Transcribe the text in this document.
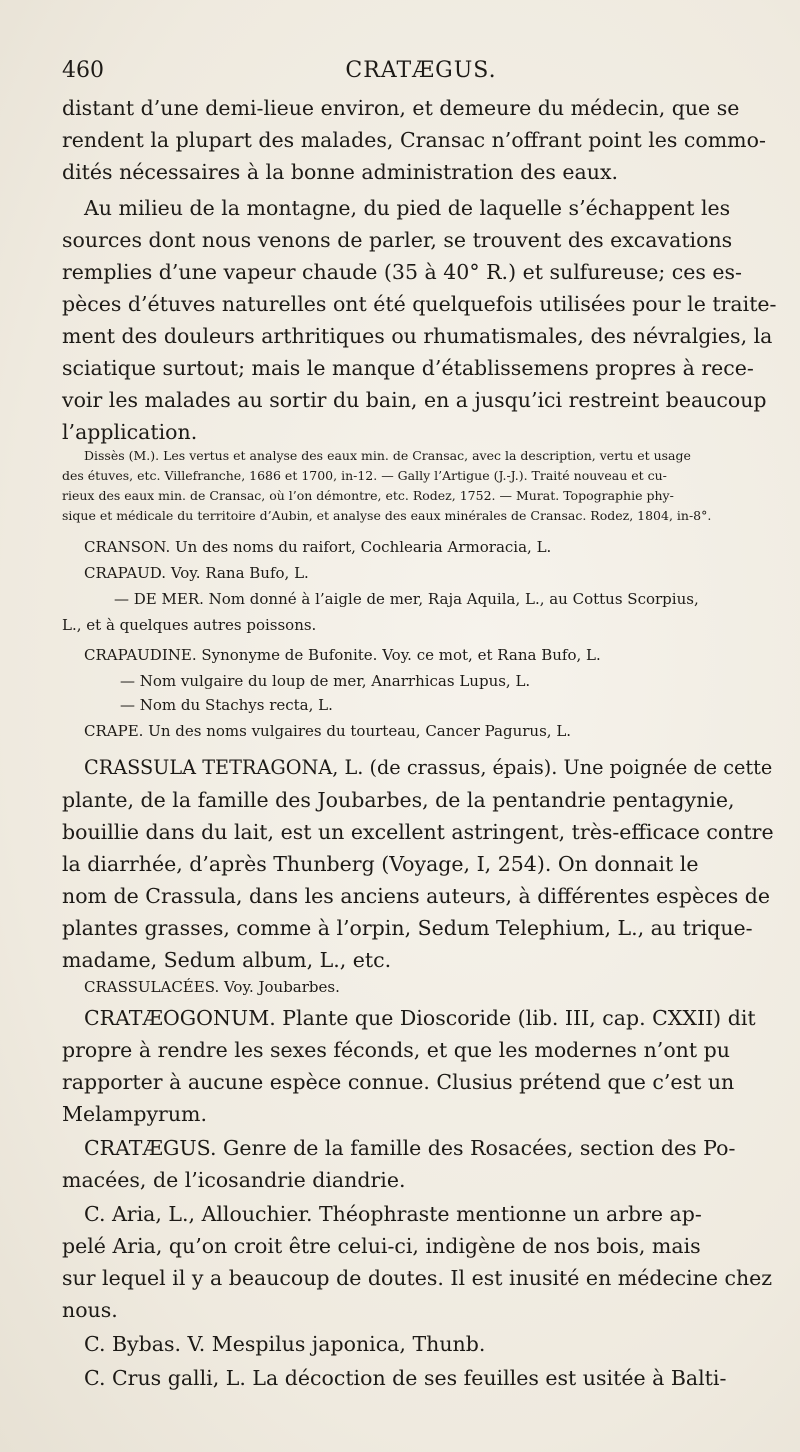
460	CRATÆGUS.
distant d’une demi-lieue environ, et demeure du médecin, que se
rendent la plupart des malades, Cransac n’offrant point les commo-
dités nécessaires à la bonne administration des eaux.
Au milieu de la montagne, du pied de laquelle s’échappent les
sources dont nous venons de parler, se trouvent des excavations
remplies d’une vapeur chaude (35 à 40° R.) et sulfureuse; ces es-
pèces d’étuves naturelles ont été quelquefois utilisées pour le traite-
ment des douleurs arthritiques ou rhumatismales, des névralgies, la
sciatique surtout; mais le manque d’établissemens propres à rece-
voir les malades au sortir du bain, en a jusqu’ici restreint beaucoup
l’application.
Dissès (M.). Les vertus et analyse des eaux min. de Cransac, avec la description, vertu et usage
des étuves, etc. Villefranche, 1686 et 1700, in-12. — Gally l’Artigue (J.-J.). Traité nouveau et cu-
rieux des eaux min. de Cransac, où l’on démontre, etc. Rodez, 1752. — Murat. Topographie phy-
sique et médicale du territoire d’Aubin, et analyse des eaux minérales de Cransac. Rodez, 1804, in-8°.
CRANSON. Un des noms du raifort, Cochlearia Armoracia, L.
CRAPAUD. Voy. Rana Bufo, L.
— DE MER. Nom donné à l’aigle de mer, Raja Aquila, L., au Cottus Scorpius,
L., et à quelques autres poissons.
CRAPAUDINE. Synonyme de Bufonite. Voy. ce mot, et Rana Bufo, L.
— Nom vulgaire du loup de mer, Anarrhicas Lupus, L.
— Nom du Stachys recta, L.
CRAPE. Un des noms vulgaires du tourteau, Cancer Pagurus, L.
CRASSULA TETRAGONA, L. (de crassus, épais). Une poignée de cette
plante, de la famille des Joubarbes, de la pentandrie pentagynie,
bouillie dans du lait, est un excellent astringent, très-efficace contre
la diarrhée, d’après Thunberg (Voyage, I, 254). On donnait le
nom de Crassula, dans les anciens auteurs, à différentes espèces de
plantes grasses, comme à l’orpin, Sedum Telephium, L., au trique-
madame, Sedum album, L., etc.
CRASSULACÉES. Voy. Joubarbes.
CRATÆOGONUM. Plante que Dioscoride (lib. III, cap. CXXII) dit
propre à rendre les sexes féconds, et que les modernes n’ont pu
rapporter à aucune espèce connue. Clusius prétend que c’est un
Melampyrum.
CRATÆGUS. Genre de la famille des Rosacées, section des Po-
macées, de l’icosandrie diandrie.
C. Aria, L., Allouchier. Théophraste mentionne un arbre ap-
pelé Aria, qu’on croit être celui-ci, indigène de nos bois, mais
sur lequel il y a beaucoup de doutes. Il est inusité en médecine chez
nous.
C. Bybas. V. Mespilus japonica, Thunb.
C. Crus galli, L. La décoction de ses feuilles est usitée à Balti-
